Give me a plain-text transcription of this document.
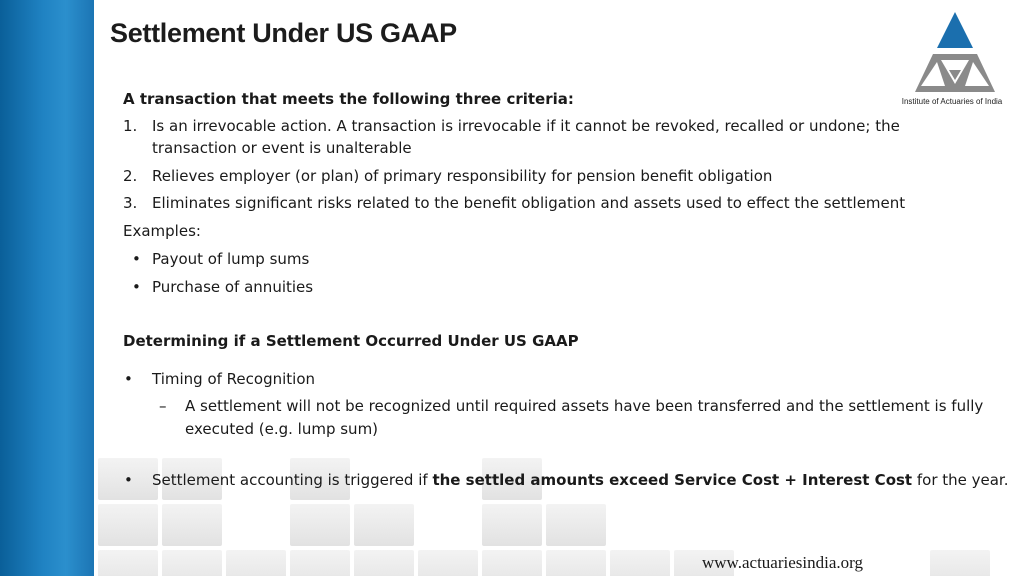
Settlement Under US GAAP
Institute of Actuaries of India
A transaction that meets the following three criteria:
1. Is an irrevocable action. A transaction is irrevocable if it cannot be revoked, recalled or undone; the
transaction or event is unalterable
2. Relieves employer (or plan) of primary responsibility for pension benefit obligation
3. Eliminates significant risks related to the benefit obligation and assets used to effect the settlement
Examples:
• Payout of lump sums
• Purchase of annuities
Determining if a Settlement Occurred Under US GAAP
• Timing of Recognition
– A settlement will not be recognized until required assets have been transferred and the settlement is fully
executed (e.g. lump sum)
• Settlement accounting is triggered if the settled amounts exceed Service Cost + Interest Cost for the year.
www.actuariesindia.org
